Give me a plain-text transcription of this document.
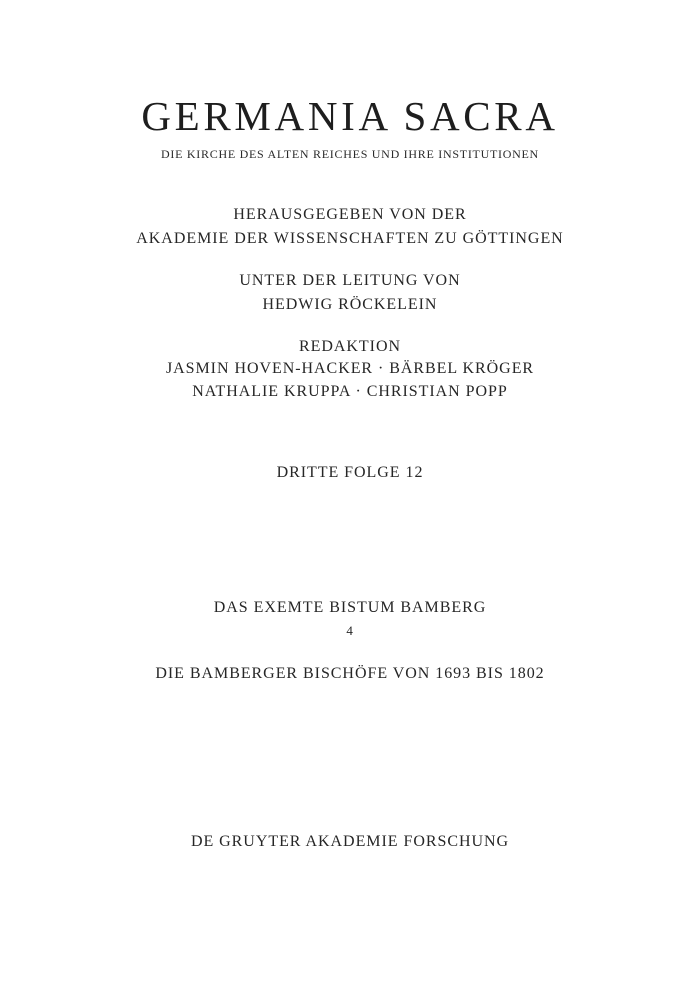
GERMANIA SACRA
DIE KIRCHE DES ALTEN REICHES UND IHRE INSTITUTIONEN
HERAUSGEGEBEN VON DER
AKADEMIE DER WISSENSCHAFTEN ZU GÖTTINGEN
UNTER DER LEITUNG VON
HEDWIG RÖCKELEIN
REDAKTION
JASMIN HOVEN-HACKER · BÄRBEL KRÖGER
NATHALIE KRUPPA · CHRISTIAN POPP
DRITTE FOLGE 12
DAS EXEMTE BISTUM BAMBERG
4
DIE BAMBERGER BISCHÖFE VON 1693 BIS 1802
DE GRUYTER AKADEMIE FORSCHUNG
